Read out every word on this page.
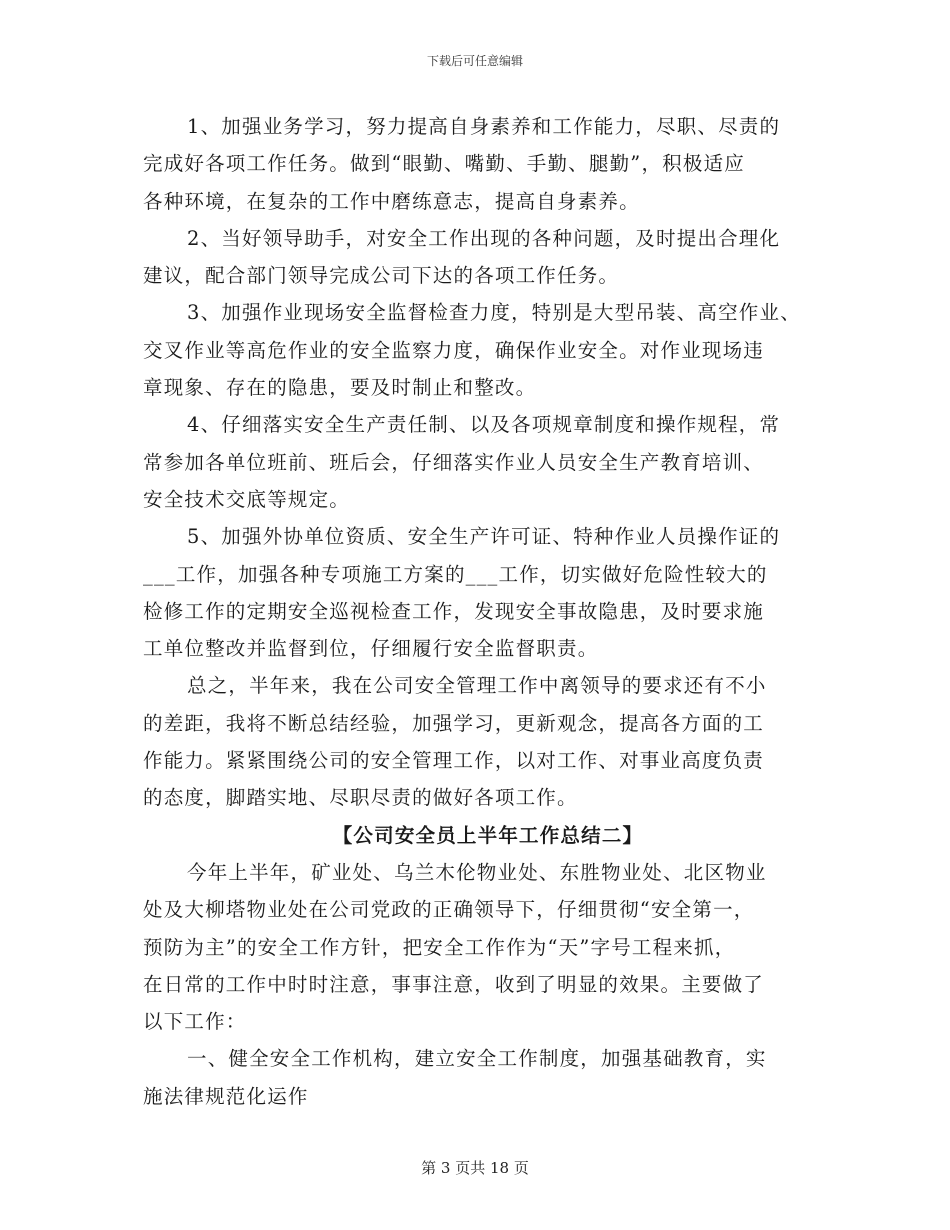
下载后可任意编辑
1、加强业务学习，努力提高自身素养和工作能力，尽职、尽责的
完成好各项工作任务。做到“眼勤、嘴勤、手勤、腿勤”，积极适应
各种环境，在复杂的工作中磨练意志，提高自身素养。
2、当好领导助手，对安全工作出现的各种问题，及时提出合理化
建议，配合部门领导完成公司下达的各项工作任务。
3、加强作业现场安全监督检查力度，特别是大型吊装、高空作业、
交叉作业等高危作业的安全监察力度，确保作业安全。对作业现场违
章现象、存在的隐患，要及时制止和整改。
4、仔细落实安全生产责任制、以及各项规章制度和操作规程，常
常参加各单位班前、班后会，仔细落实作业人员安全生产教育培训、
安全技术交底等规定。
5、加强外协单位资质、安全生产许可证、特种作业人员操作证的
___工作，加强各种专项施工方案的___工作，切实做好危险性较大的
检修工作的定期安全巡视检查工作，发现安全事故隐患，及时要求施
工单位整改并监督到位，仔细履行安全监督职责。
总之，半年来，我在公司安全管理工作中离领导的要求还有不小
的差距，我将不断总结经验，加强学习，更新观念，提高各方面的工
作能力。紧紧围绕公司的安全管理工作，以对工作、对事业高度负责
的态度，脚踏实地、尽职尽责的做好各项工作。
【公司安全员上半年工作总结二】
今年上半年，矿业处、乌兰木伦物业处、东胜物业处、北区物业
处及大柳塔物业处在公司党政的正确领导下，仔细贯彻“安全第一，
预防为主”的安全工作方针，把安全工作作为“天”字号工程来抓，
在日常的工作中时时注意，事事注意，收到了明显的效果。主要做了
以下工作：
一、健全安全工作机构，建立安全工作制度，加强基础教育，实
施法律规范化运作
第 3 页共 18 页
